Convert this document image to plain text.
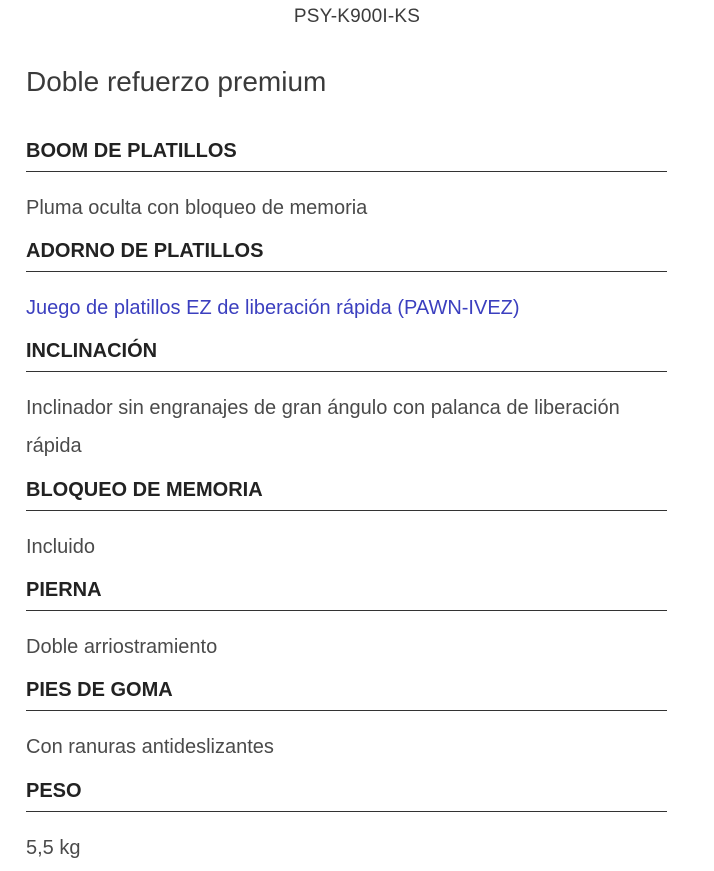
PSY-K900I-KS
Doble refuerzo premium
BOOM DE PLATILLOS
Pluma oculta con bloqueo de memoria
ADORNO DE PLATILLOS
Juego de platillos EZ de liberación rápida (PAWN-IVEZ)
INCLINACIÓN
Inclinador sin engranajes de gran ángulo con palanca de liberación rápida
BLOQUEO DE MEMORIA
Incluido
PIERNA
Doble arriostramiento
PIES DE GOMA
Con ranuras antideslizantes
PESO
5,5 kg
